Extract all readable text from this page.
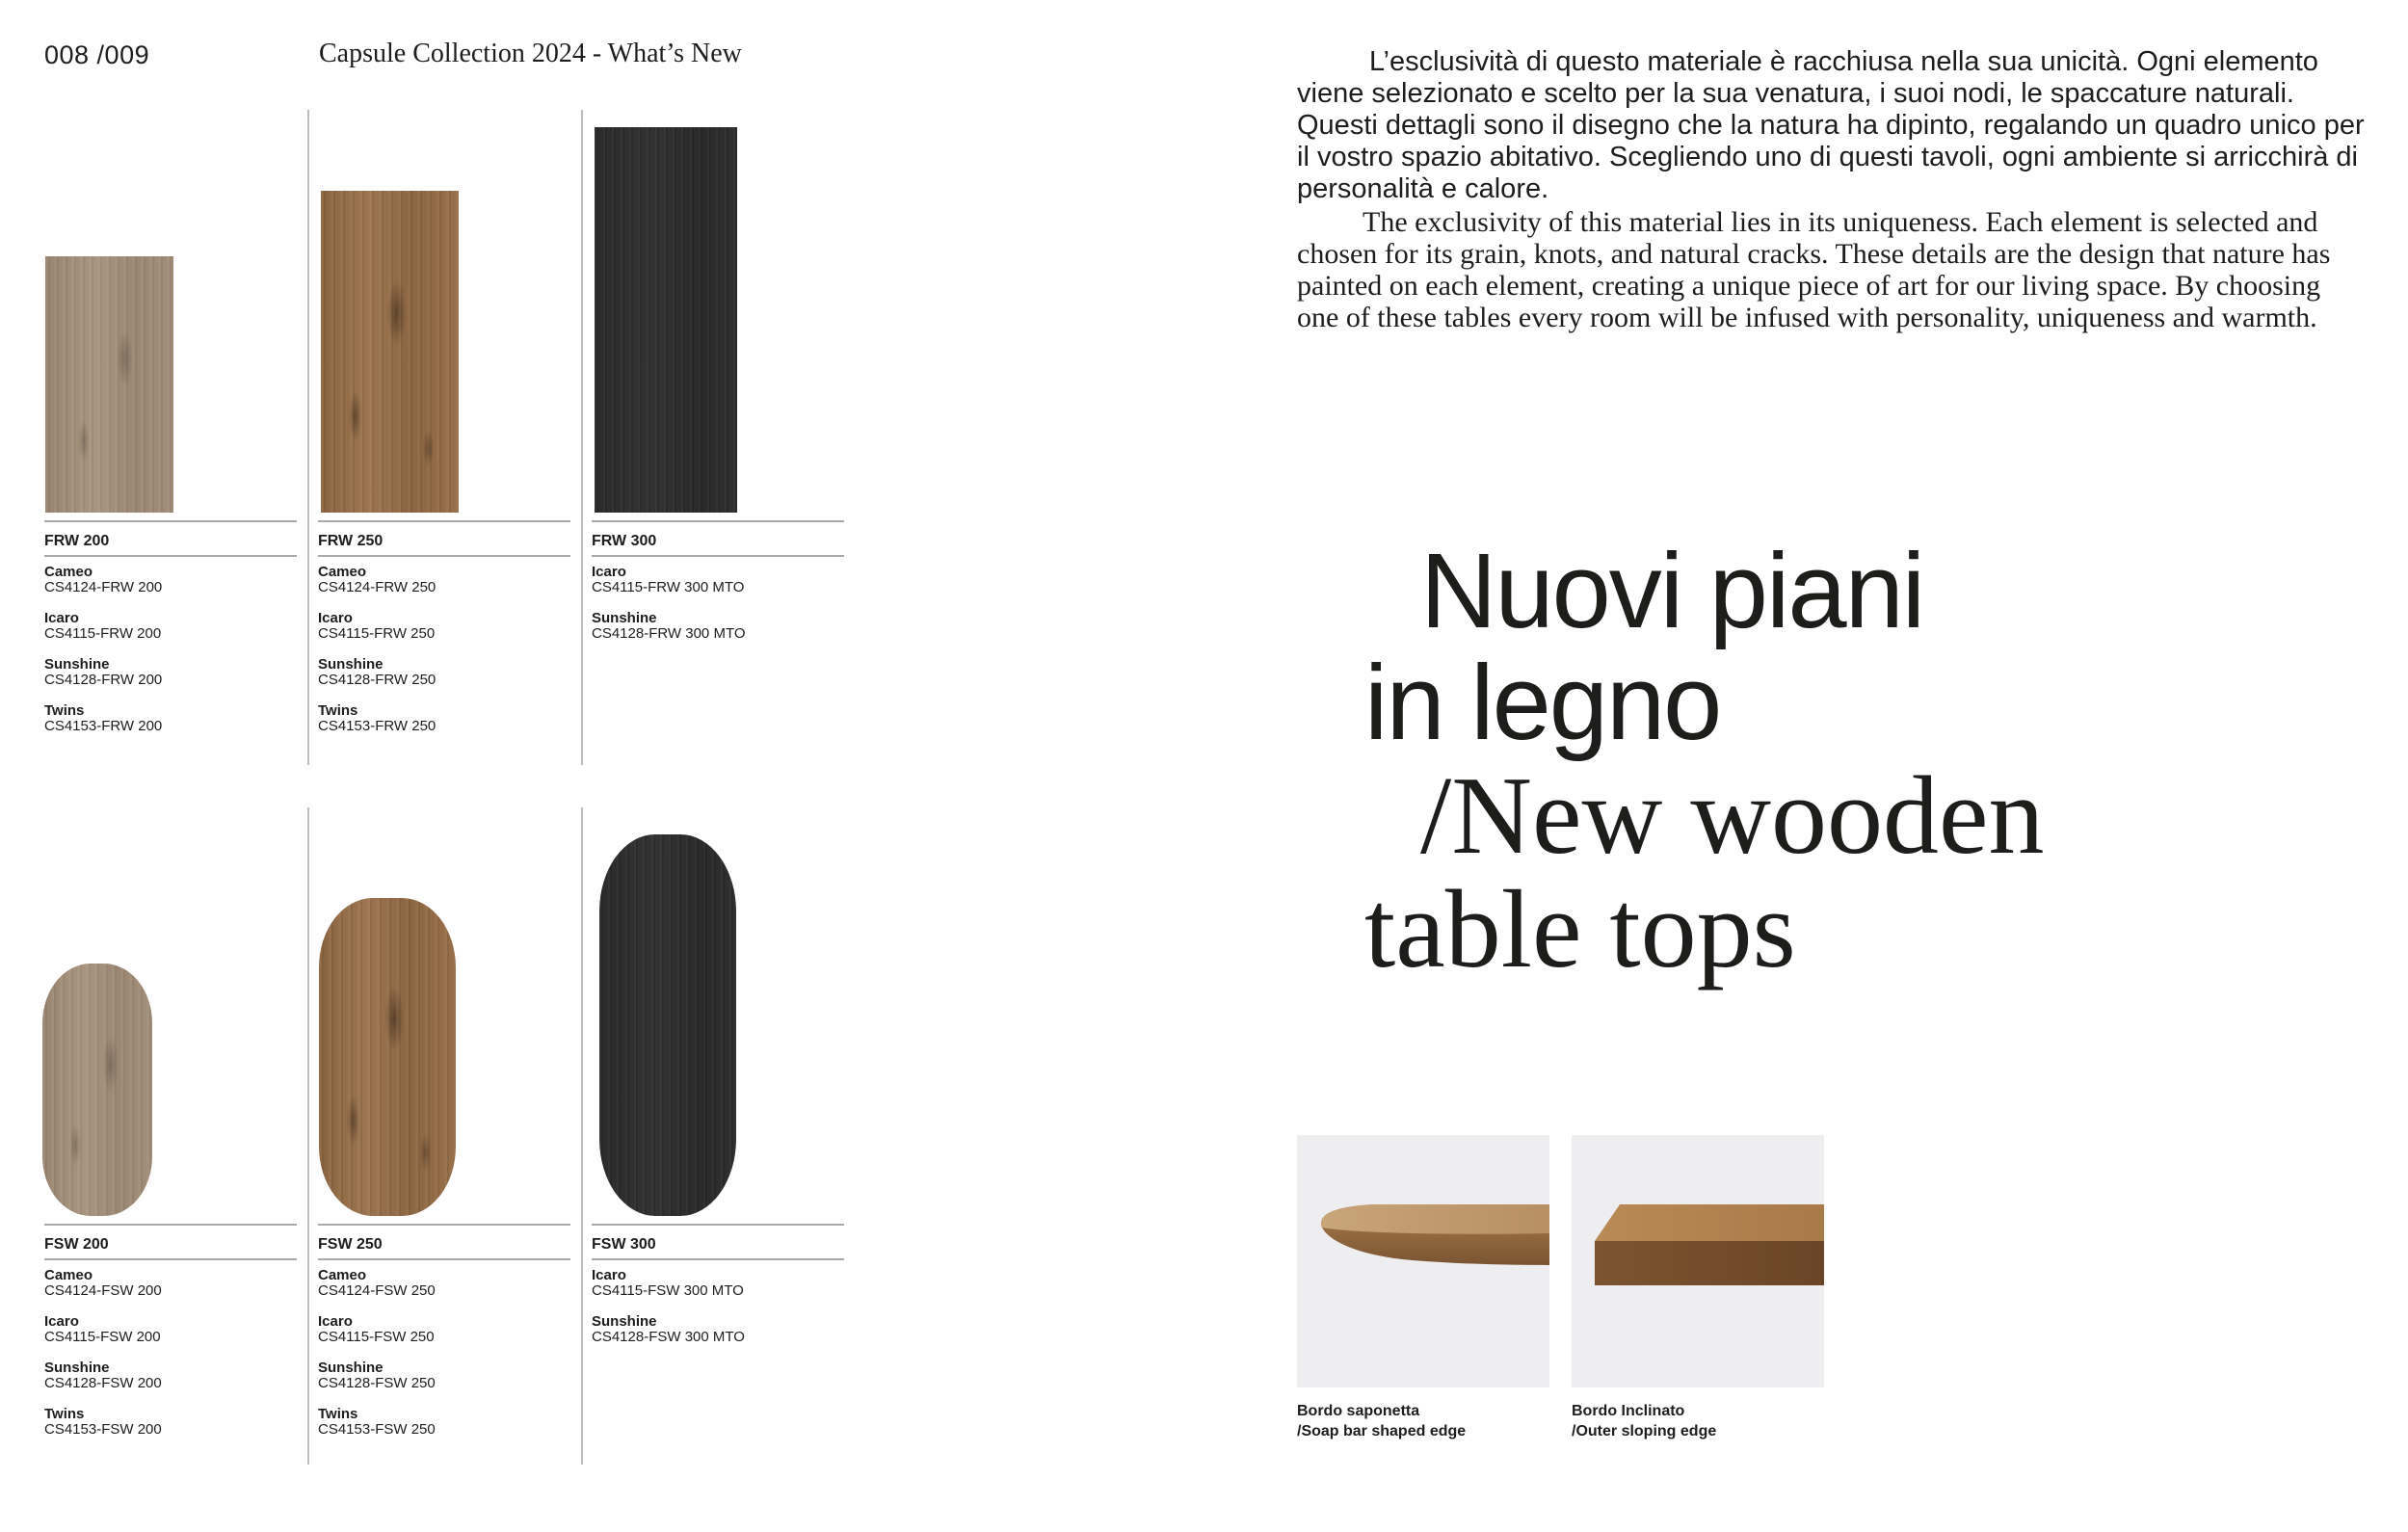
008 /009	Capsule Collection 2024 - What’s New
FRW 200
Cameo
CS4124-FRW 200
Icaro
CS4115-FRW 200
Sunshine
CS4128-FRW 200
Twins
CS4153-FRW 200
FRW 250
Cameo
CS4124-FRW 250
Icaro
CS4115-FRW 250
Sunshine
CS4128-FRW 250
Twins
CS4153-FRW 250
FRW 300
Icaro
CS4115-FRW 300 MTO
Sunshine
CS4128-FRW 300 MTO
FSW 200
Cameo
CS4124-FSW 200
Icaro
CS4115-FSW 200
Sunshine
CS4128-FSW 200
Twins
CS4153-FSW 200
FSW 250
Cameo
CS4124-FSW 250
Icaro
CS4115-FSW 250
Sunshine
CS4128-FSW 250
Twins
CS4153-FSW 250
FSW 300
Icaro
CS4115-FSW 300 MTO
Sunshine
CS4128-FSW 300 MTO

L’esclusività di questo materiale è racchiusa nella sua unicità. Ogni elemento viene selezionato e scelto per la sua venatura, i suoi nodi, le spaccature naturali. Questi dettagli sono il disegno che la natura ha dipinto, regalando un quadro unico per il vostro spazio abitativo. Scegliendo uno di questi tavoli, ogni ambiente si arricchirà di personalità e calore.

The exclusivity of this material lies in its uniqueness. Each element is selected and chosen for its grain, knots, and natural cracks. These details are the design that nature has painted on each element, creating a unique piece of art for our living space. By choosing one of these tables every room will be infused with personality, uniqueness and warmth.

Nuovi piani
in legno
/New wooden
table tops
Bordo saponetta
/Soap bar shaped edge
Bordo Inclinato
/Outer sloping edge
